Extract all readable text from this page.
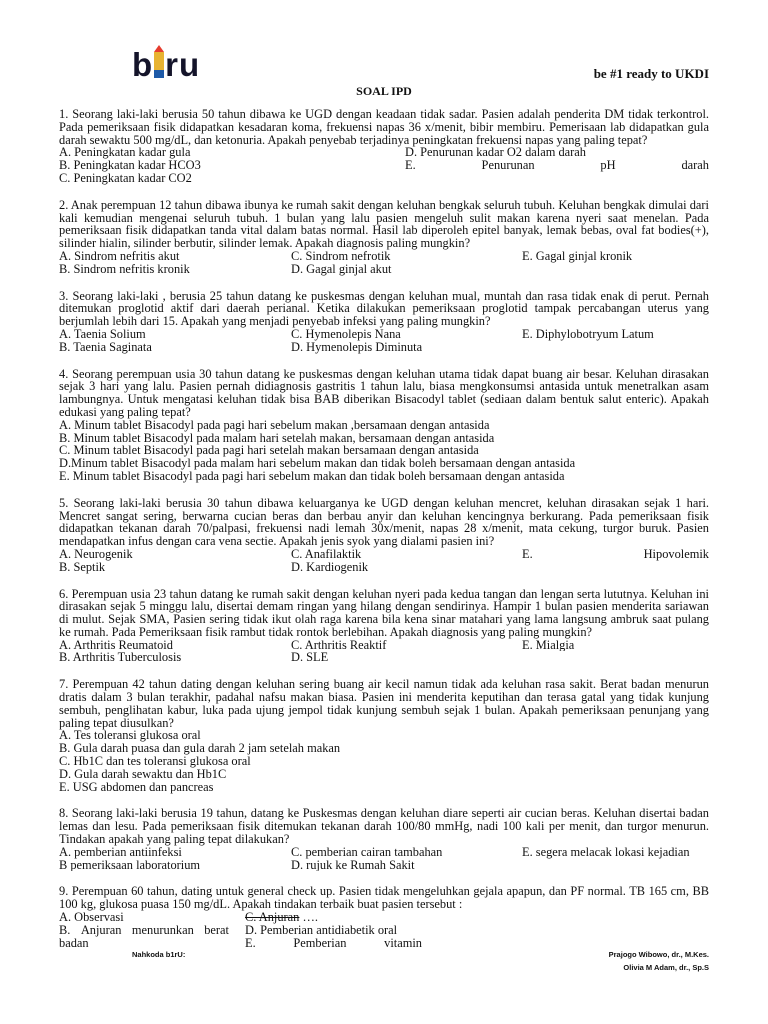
b ru	be #1 ready to UKDI
SOAL IPD

1. Seorang laki-laki berusia 50 tahun dibawa ke UGD dengan keadaan tidak sadar. Pasien adalah penderita DM tidak terkontrol. Pada pemeriksaan fisik didapatkan kesadaran koma, frekuensi napas 36 x/menit, bibir membiru. Pemerisaan lab didapatkan gula darah sewaktu 500 mg/dL, dan ketonuria. Apakah penyebab terjadinya peningkatan frekuensi napas yang paling tepat?

A. Peningkatan kadar gula	D. Penurunan kadar O2 dalam darah
B. Peningkatan kadar HCO3	E.	Penurunan	pH	darah
C. Peningkatan kadar CO2

2. Anak perempuan 12 tahun dibawa ibunya ke rumah sakit dengan keluhan bengkak seluruh tubuh. Keluhan bengkak dimulai dari kali kemudian mengenai seluruh tubuh. 1 bulan yang lalu pasien mengeluh sulit makan karena nyeri saat menelan. Pada pemeriksaan fisik didapatkan tanda vital dalam batas normal. Hasil lab diperoleh epitel banyak, lemak bebas, oval fat bodies(+), silinder hialin, silinder berbutir, silinder lemak. Apakah diagnosis paling mungkin?

A. Sindrom nefritis akut	C. Sindrom nefrotik	E. Gagal ginjal kronik
B. Sindrom nefritis kronik	D. Gagal ginjal akut

3. Seorang laki-laki , berusia 25 tahun datang ke puskesmas dengan keluhan mual, muntah dan rasa tidak enak di perut. Pernah ditemukan proglotid aktif dari daerah perianal. Ketika dilakukan pemeriksaan proglotid tampak percabangan uterus yang berjumlah lebih dari 15. Apakah yang menjadi penyebab infeksi yang paling mungkin?

A. Taenia Solium	C. Hymenolepis Nana	E. Diphylobotryum Latum
B. Taenia Saginata	D. Hymenolepis Diminuta

4. Seorang perempuan usia 30 tahun datang ke puskesmas dengan keluhan utama tidak dapat buang air besar. Keluhan dirasakan sejak 3 hari yang lalu. Pasien pernah didiagnosis gastritis 1 tahun lalu, biasa mengkonsumsi antasida untuk menetralkan asam lambungnya. Untuk mengatasi keluhan tidak bisa BAB diberikan Bisacodyl tablet (sediaan dalam bentuk salut enteric). Apakah edukasi yang paling tepat?

A. Minum tablet Bisacodyl pada pagi hari sebelum makan ,bersamaan dengan antasida
B. Minum tablet Bisacodyl pada malam hari setelah makan, bersamaan dengan antasida
C. Minum tablet Bisacodyl pada pagi hari setelah makan bersamaan dengan antasida
D.Minum tablet Bisacodyl pada malam hari sebelum makan dan tidak boleh bersamaan dengan antasida
E. Minum tablet Bisacodyl pada pagi hari sebelum makan dan tidak boleh bersamaan dengan antasida

5. Seorang laki-laki berusia 30 tahun dibawa keluarganya ke UGD dengan keluhan mencret, keluhan dirasakan sejak 1 hari. Mencret sangat sering, berwarna cucian beras dan berbau anyir dan keluhan kencingnya berkurang. Pada pemeriksaan fisik didapatkan tekanan darah 70/palpasi, frekuensi nadi lemah 30x/menit, napas 28 x/menit, mata cekung, turgor buruk. Pasien mendapatkan infus dengan cara vena sectie. Apakah jenis syok yang dialami pasien ini?

A. Neurogenik	C. Anafilaktik	E.	Hipovolemik
B. Septik	D. Kardiogenik

6. Perempuan usia 23 tahun datang ke rumah sakit dengan keluhan nyeri pada kedua tangan dan lengan serta lututnya. Keluhan ini dirasakan sejak 5 minggu lalu, disertai demam ringan yang hilang dengan sendirinya. Hampir 1 bulan pasien menderita sariawan di mulut. Sejak SMA, Pasien sering tidak ikut olah raga karena bila kena sinar matahari yang lama langsung ambruk saat pulang ke rumah. Pada Pemeriksaan fisik rambut tidak rontok berlebihan. Apakah diagnosis yang paling mungkin?

A. Arthritis Reumatoid	C. Arthritis Reaktif	E. Mialgia
B. Arthritis Tuberculosis	D. SLE

7. Perempuan 42 tahun dating dengan keluhan sering buang air kecil namun tidak ada keluhan rasa sakit. Berat badan menurun dratis dalam 3 bulan terakhir, padahal nafsu makan biasa. Pasien ini menderita keputihan dan terasa gatal yang tidak kunjung sembuh, penglihatan kabur, luka pada ujung jempol tidak kunjung sembuh sejak 1 bulan. Apakah pemeriksaan penunjang yang paling tepat diusulkan?

A. Tes toleransi glukosa oral
B. Gula darah puasa dan gula darah 2 jam setelah makan
C. Hb1C dan tes toleransi glukosa oral
D. Gula darah sewaktu dan Hb1C
E. USG abdomen dan pancreas

8. Seorang laki-laki berusia 19 tahun, datang ke Puskesmas dengan keluhan diare seperti air cucian beras. Keluhan disertai badan lemas dan lesu. Pada pemeriksaan fisik ditemukan tekanan darah 100/80 mmHg, nadi 100 kali per menit, dan turgor menurun. Tindakan apakah yang paling tepat dilakukan?

A. pemberian antiinfeksi	C. pemberian cairan tambahan	E. segera melacak lokasi kejadian
B pemeriksaan laboratorium	D. rujuk ke Rumah Sakit

9. Perempuan 60 tahun, dating untuk general check up. Pasien tidak mengeluhkan gejala apapun, dan PF normal. TB 165 cm, BB 100 kg, glukosa puasa 150 mg/dL. Apakah tindakan terbaik buat pasien tersebut :

A. Observasi	C. Anjuran ….
B. Anjuran menurunkan berat D. Pemberian antidiabetik oral
badan	E.	Pemberian	vitamin
Nahkoda b1rU:	Prajogo Wibowo, dr., M.Kes.
Olivia M Adam, dr., Sp.S
